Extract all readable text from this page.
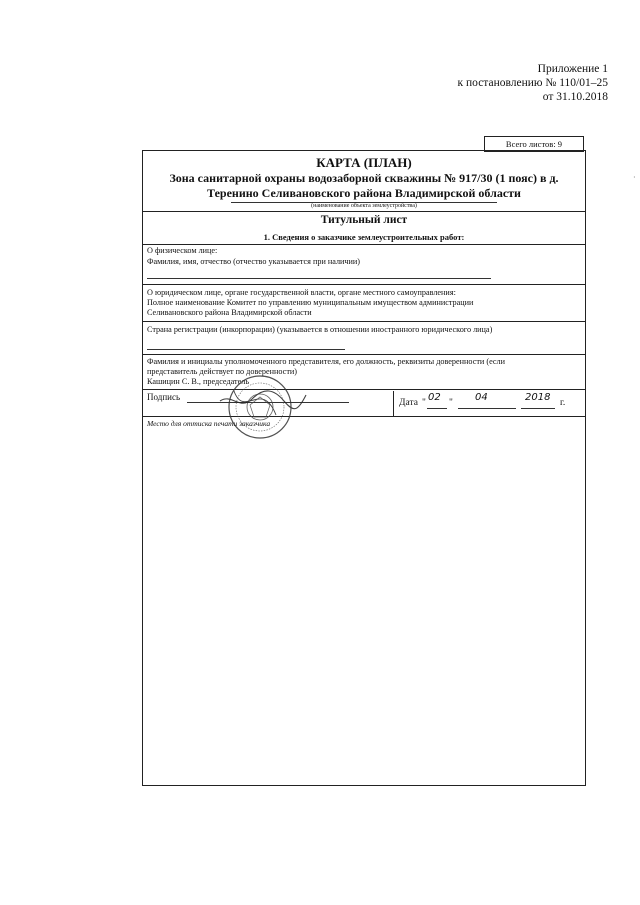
Приложение 1
к постановлению № 110/01–25
от 31.10.2018
Всего листов: 9
·
КАРТА (ПЛАН)
Зона санитарной охраны водозаборной скважины № 917/30 (1 пояс) в д.
Теренино Селивановского района Владимирской области
(наименование объекта землеустройства)
Титульный лист
1. Сведения о заказчике землеустроительных работ:
О физическом лице:
Фамилия, имя, отчество (отчество указывается при наличии)
О юридическом лице, органе государственной власти, органе местного самоуправления:
Полное наименование Комитет по управлению муниципальным имуществом администрации
Селивановского района Владимирской области
Страна регистрации (инкорпорации) (указывается в отношении иностранного юридического лица)
Фамилия и инициалы уполномоченного представителя, его должность, реквизиты доверенности (если
представитель действует по доверенности)
Кашицин С. В., председатель
Подпись
Дата " 02 " 04	2018 г.
Место для оттиска печати заказчика
